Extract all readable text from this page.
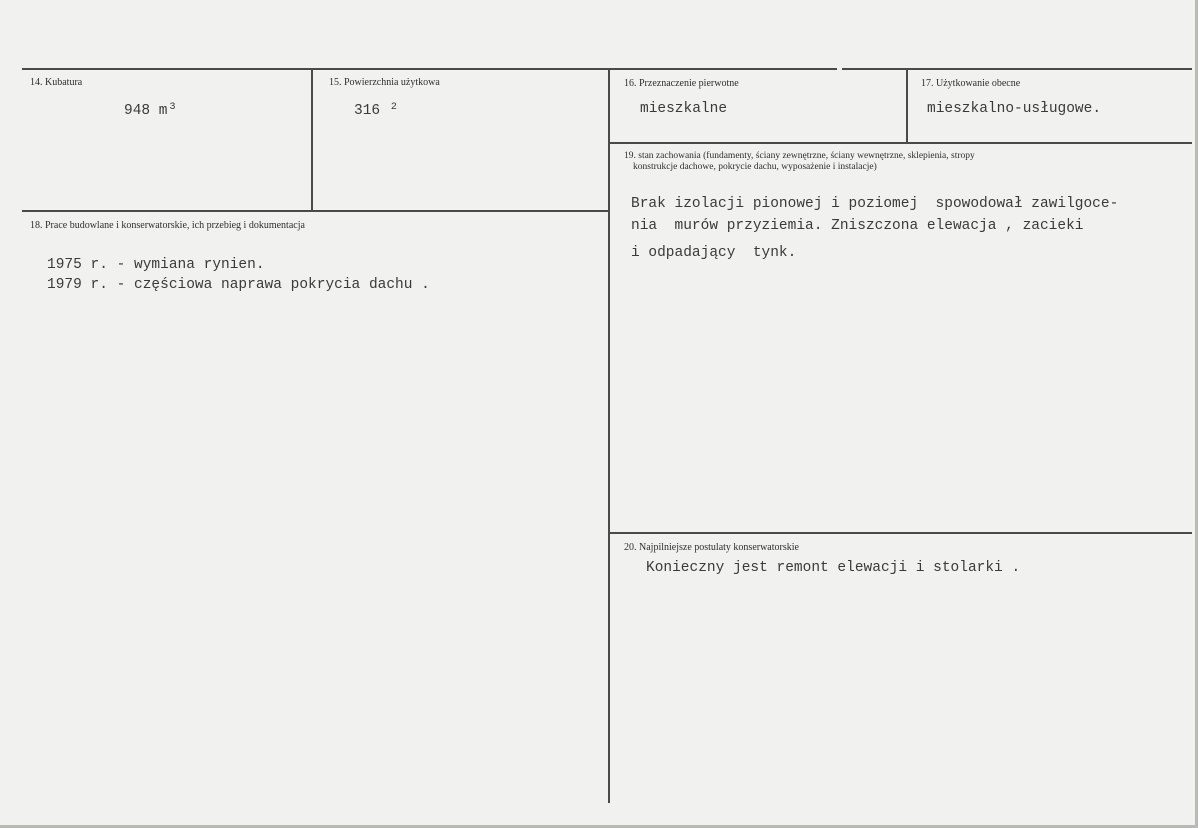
14. Kubatura
948 m $^3$
15. Powierzchnia użytkowa
316 $^2$
16. Przeznaczenie pierwotne
mieszkalne
17. Użytkowanie obecne
mieszkalno-usługowe.
18. Prace budowlane i konserwatorskie, ich przebieg i dokumentacja
1975 r. - wymiana rynien.
1979 r. - częściowa naprawa pokrycia dachu .
19. stan zachowania (fundamenty, ściany zewnętrzne, ściany wewnętrzne, sklepienia, stropy
konstrukcje dachowe, pokrycie dachu, wyposażenie i instalacje)
Brak izolacji pionowej i poziomej  spowodował zawilgoce-
nia  murów przyziemia. Zniszczona elewacja , zacieki
i odpadający  tynk.
20. Najpilniejsze postulaty konserwatorskie
Konieczny jest remont elewacji i stolarki .
